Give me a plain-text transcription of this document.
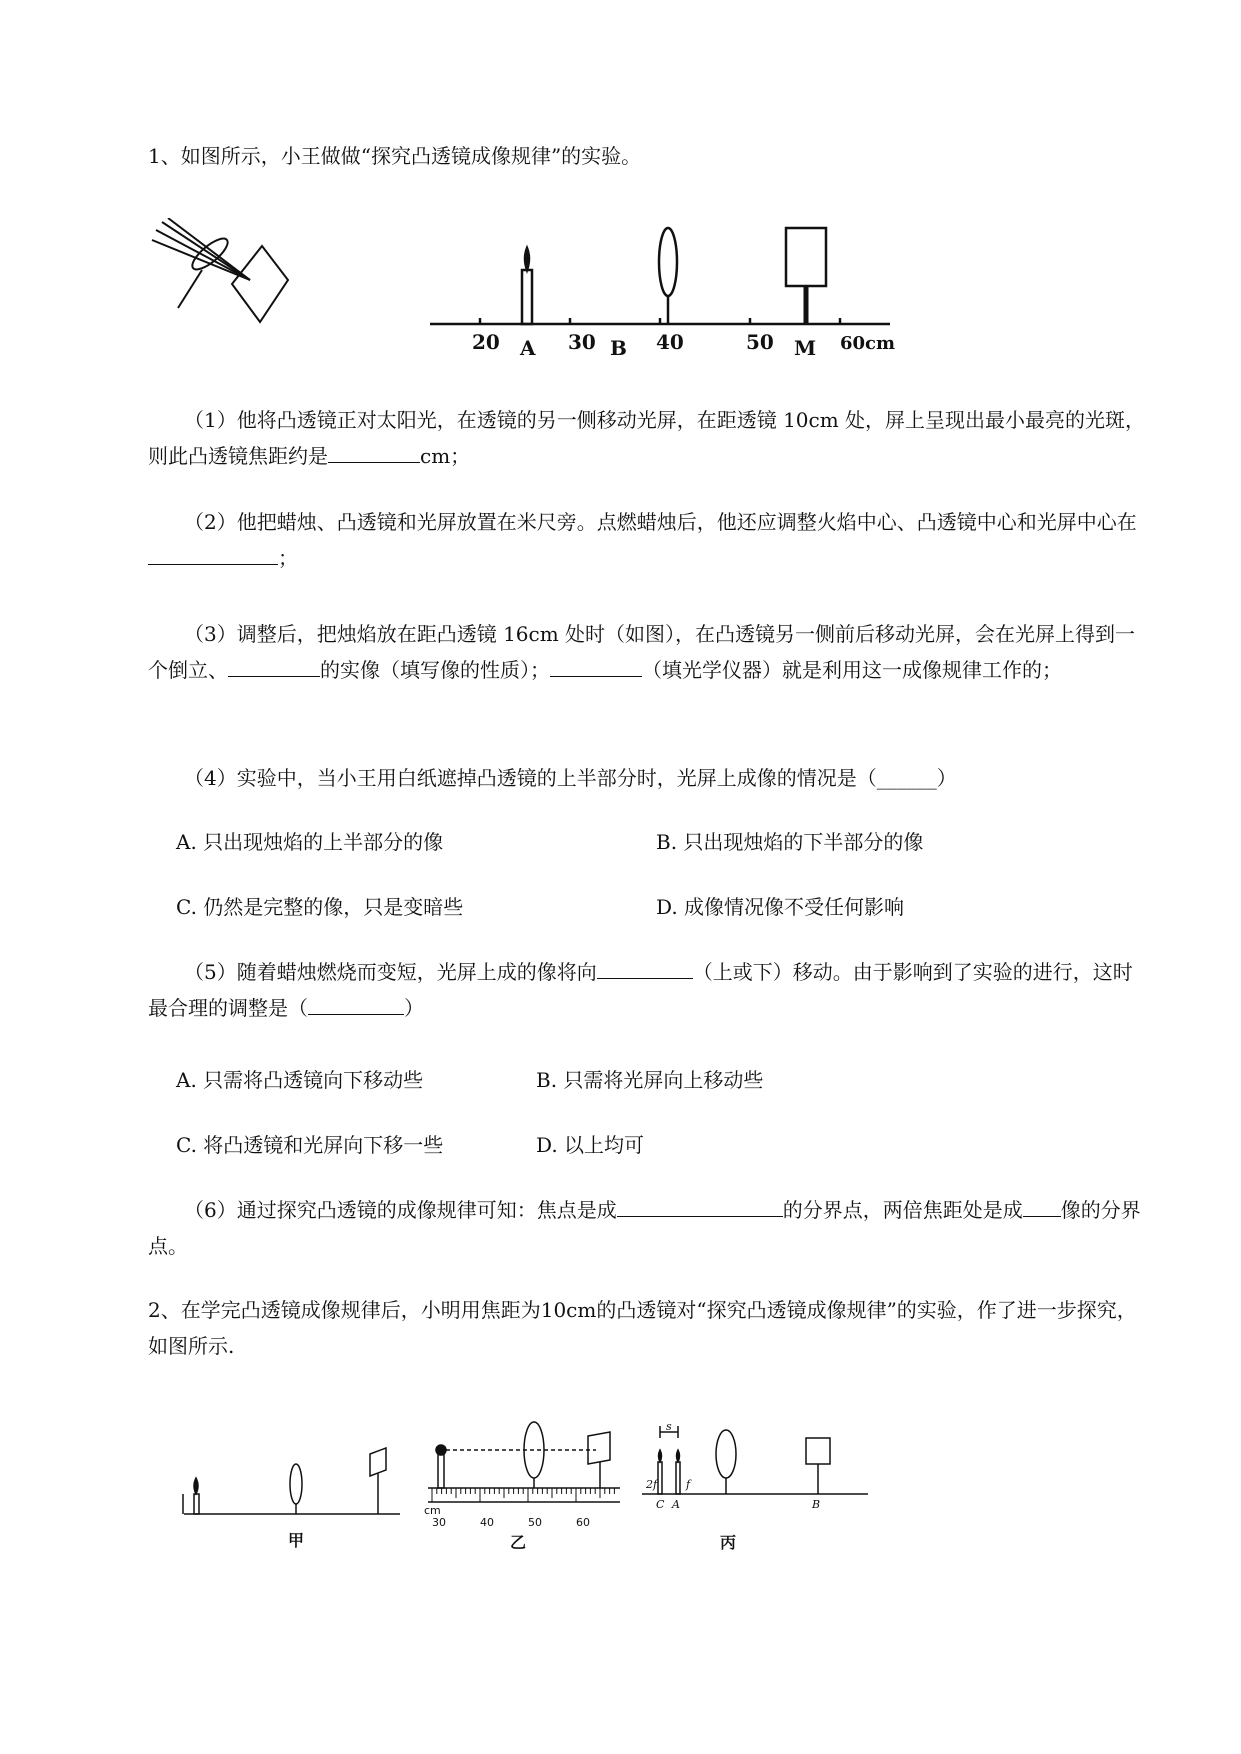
1、如图所示，小王做做“探究凸透镜成像规律”的实验。

20 A 30 B 40	50 M 60cm

（1）他将凸透镜正对太阳光，在透镜的另一侧移动光屏，在距透镜 10cm 处，屏上呈现出最小最亮的光斑，则此凸透镜焦距约是	cm；

（2）他把蜡烛、凸透镜和光屏放置在米尺旁。点燃蜡烛后，他还应调整火焰中心、凸透镜中心和光屏中心在；

（3）调整后，把烛焰放在距凸透镜 16cm 处时（如图），在凸透镜另一侧前后移动光屏，会在光屏上得到一个倒立、	的实像（填写像的性质）；	（填光学仪器）就是利用这一成像规律工作的；

（4）实验中，当小王用白纸遮掉凸透镜的上半部分时，光屏上成像的情况是（______）

A. 只出现烛焰的上半部分的像	B. 只出现烛焰的下半部分的像
C. 仍然是完整的像，只是变暗些	D. 成像情况像不受任何影响

（5）随着蜡烛燃烧而变短，光屏上成的像将向	（上或下）移动。由于影响到了实验的进行，这时最合理的调整是（	）

A. 只需将凸透镜向下移动些	B. 只需将光屏向上移动些
C. 将凸透镜和光屏向下移一些	D. 以上均可

（6）通过探究凸透镜的成像规律可知：焦点是成	的分界点，两倍焦距处是成 像的分界点。

2、在学完凸透镜成像规律后，小明用焦距为10cm的凸透镜对“探究凸透镜成像规律”的实验，作了进一步探究，如图所示.

甲
cm
30	40	50	60
乙
s
2f	f
C A	B
丙
